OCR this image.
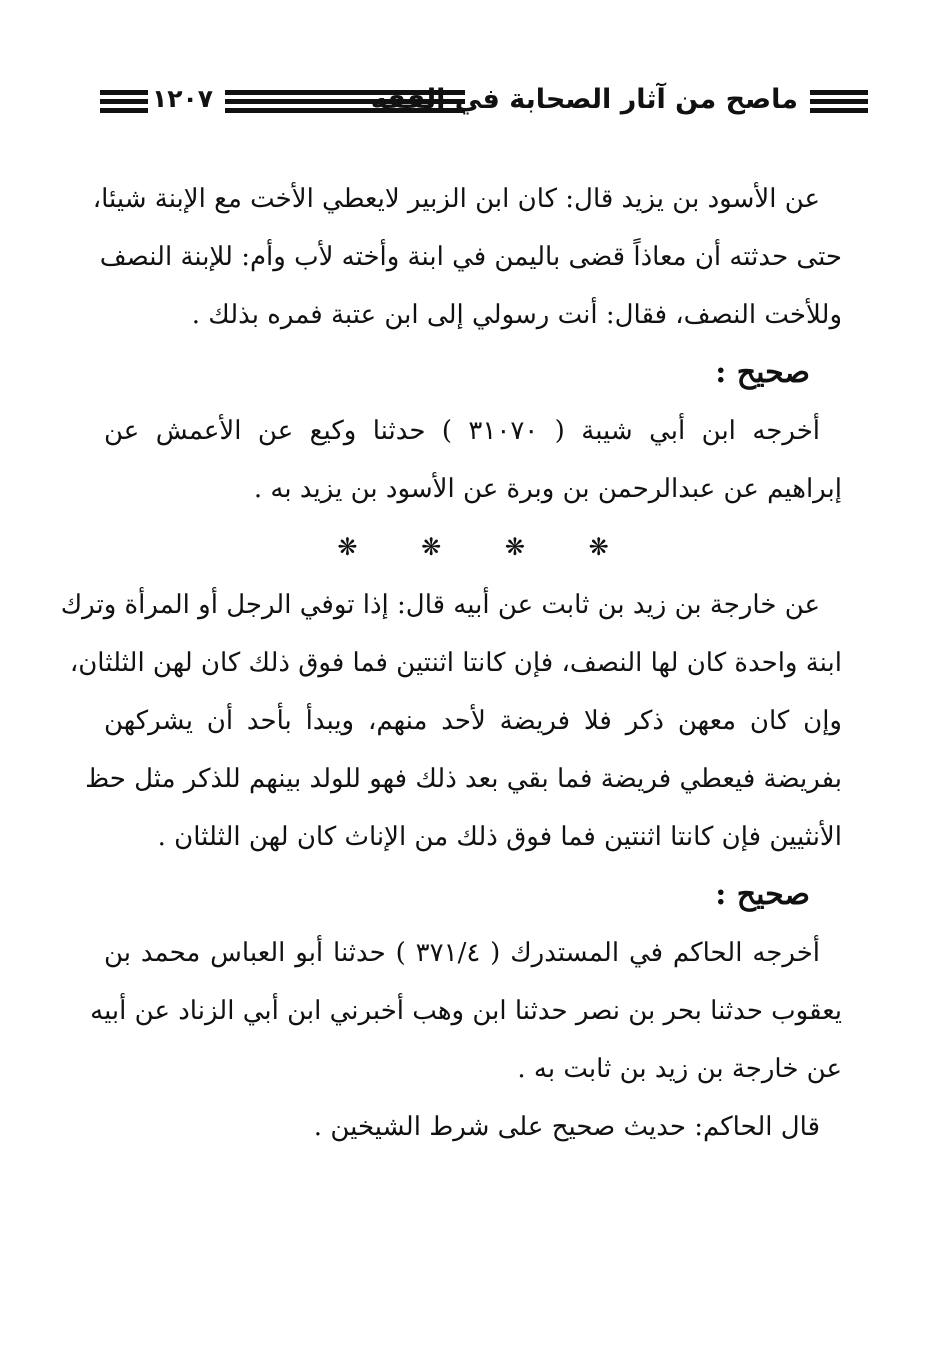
١٢٠٧	ماصح من آثار الصحابة في الفقه
عن الأسود بن يزيد قال: كان ابن الزبير لايعطي الأخت مع الإبنة شيئا،
حتى حدثته أن معاذاً قضى باليمن في ابنة وأخته لأب وأم: للإبنة النصف
وللأخت النصف، فقال: أنت رسولي إلى ابن عتبة فمره بذلك .
صحيح :
أخرجه ابن أبي شيبة ( ٣١٠٧٠ ) حدثنا وكيع عن الأعمش عن
إبراهيم عن عبدالرحمن بن وبرة عن الأسود بن يزيد به .
❋	❋	❋	❋
عن خارجة بن زيد بن ثابت عن أبيه قال: إذا توفي الرجل أو المرأة وترك
ابنة واحدة كان لها النصف، فإن كانتا اثنتين فما فوق ذلك كان لهن الثلثان،
وإن كان معهن ذكر فلا فريضة لأحد منهم، ويبدأ بأحد أن يشركهن
بفريضة فيعطي فريضة فما بقي بعد ذلك فهو للولد بينهم للذكر مثل حظ
الأنثيين فإن كانتا اثنتين فما فوق ذلك من الإناث كان لهن الثلثان .
صحيح :
أخرجه الحاكم في المستدرك ( ٣٧١/٤ ) حدثنا أبو العباس محمد بن
يعقوب حدثنا بحر بن نصر حدثنا ابن وهب أخبرني ابن أبي الزناد عن أبيه
عن خارجة بن زيد بن ثابت به .
قال الحاكم: حديث صحيح على شرط الشيخين .
